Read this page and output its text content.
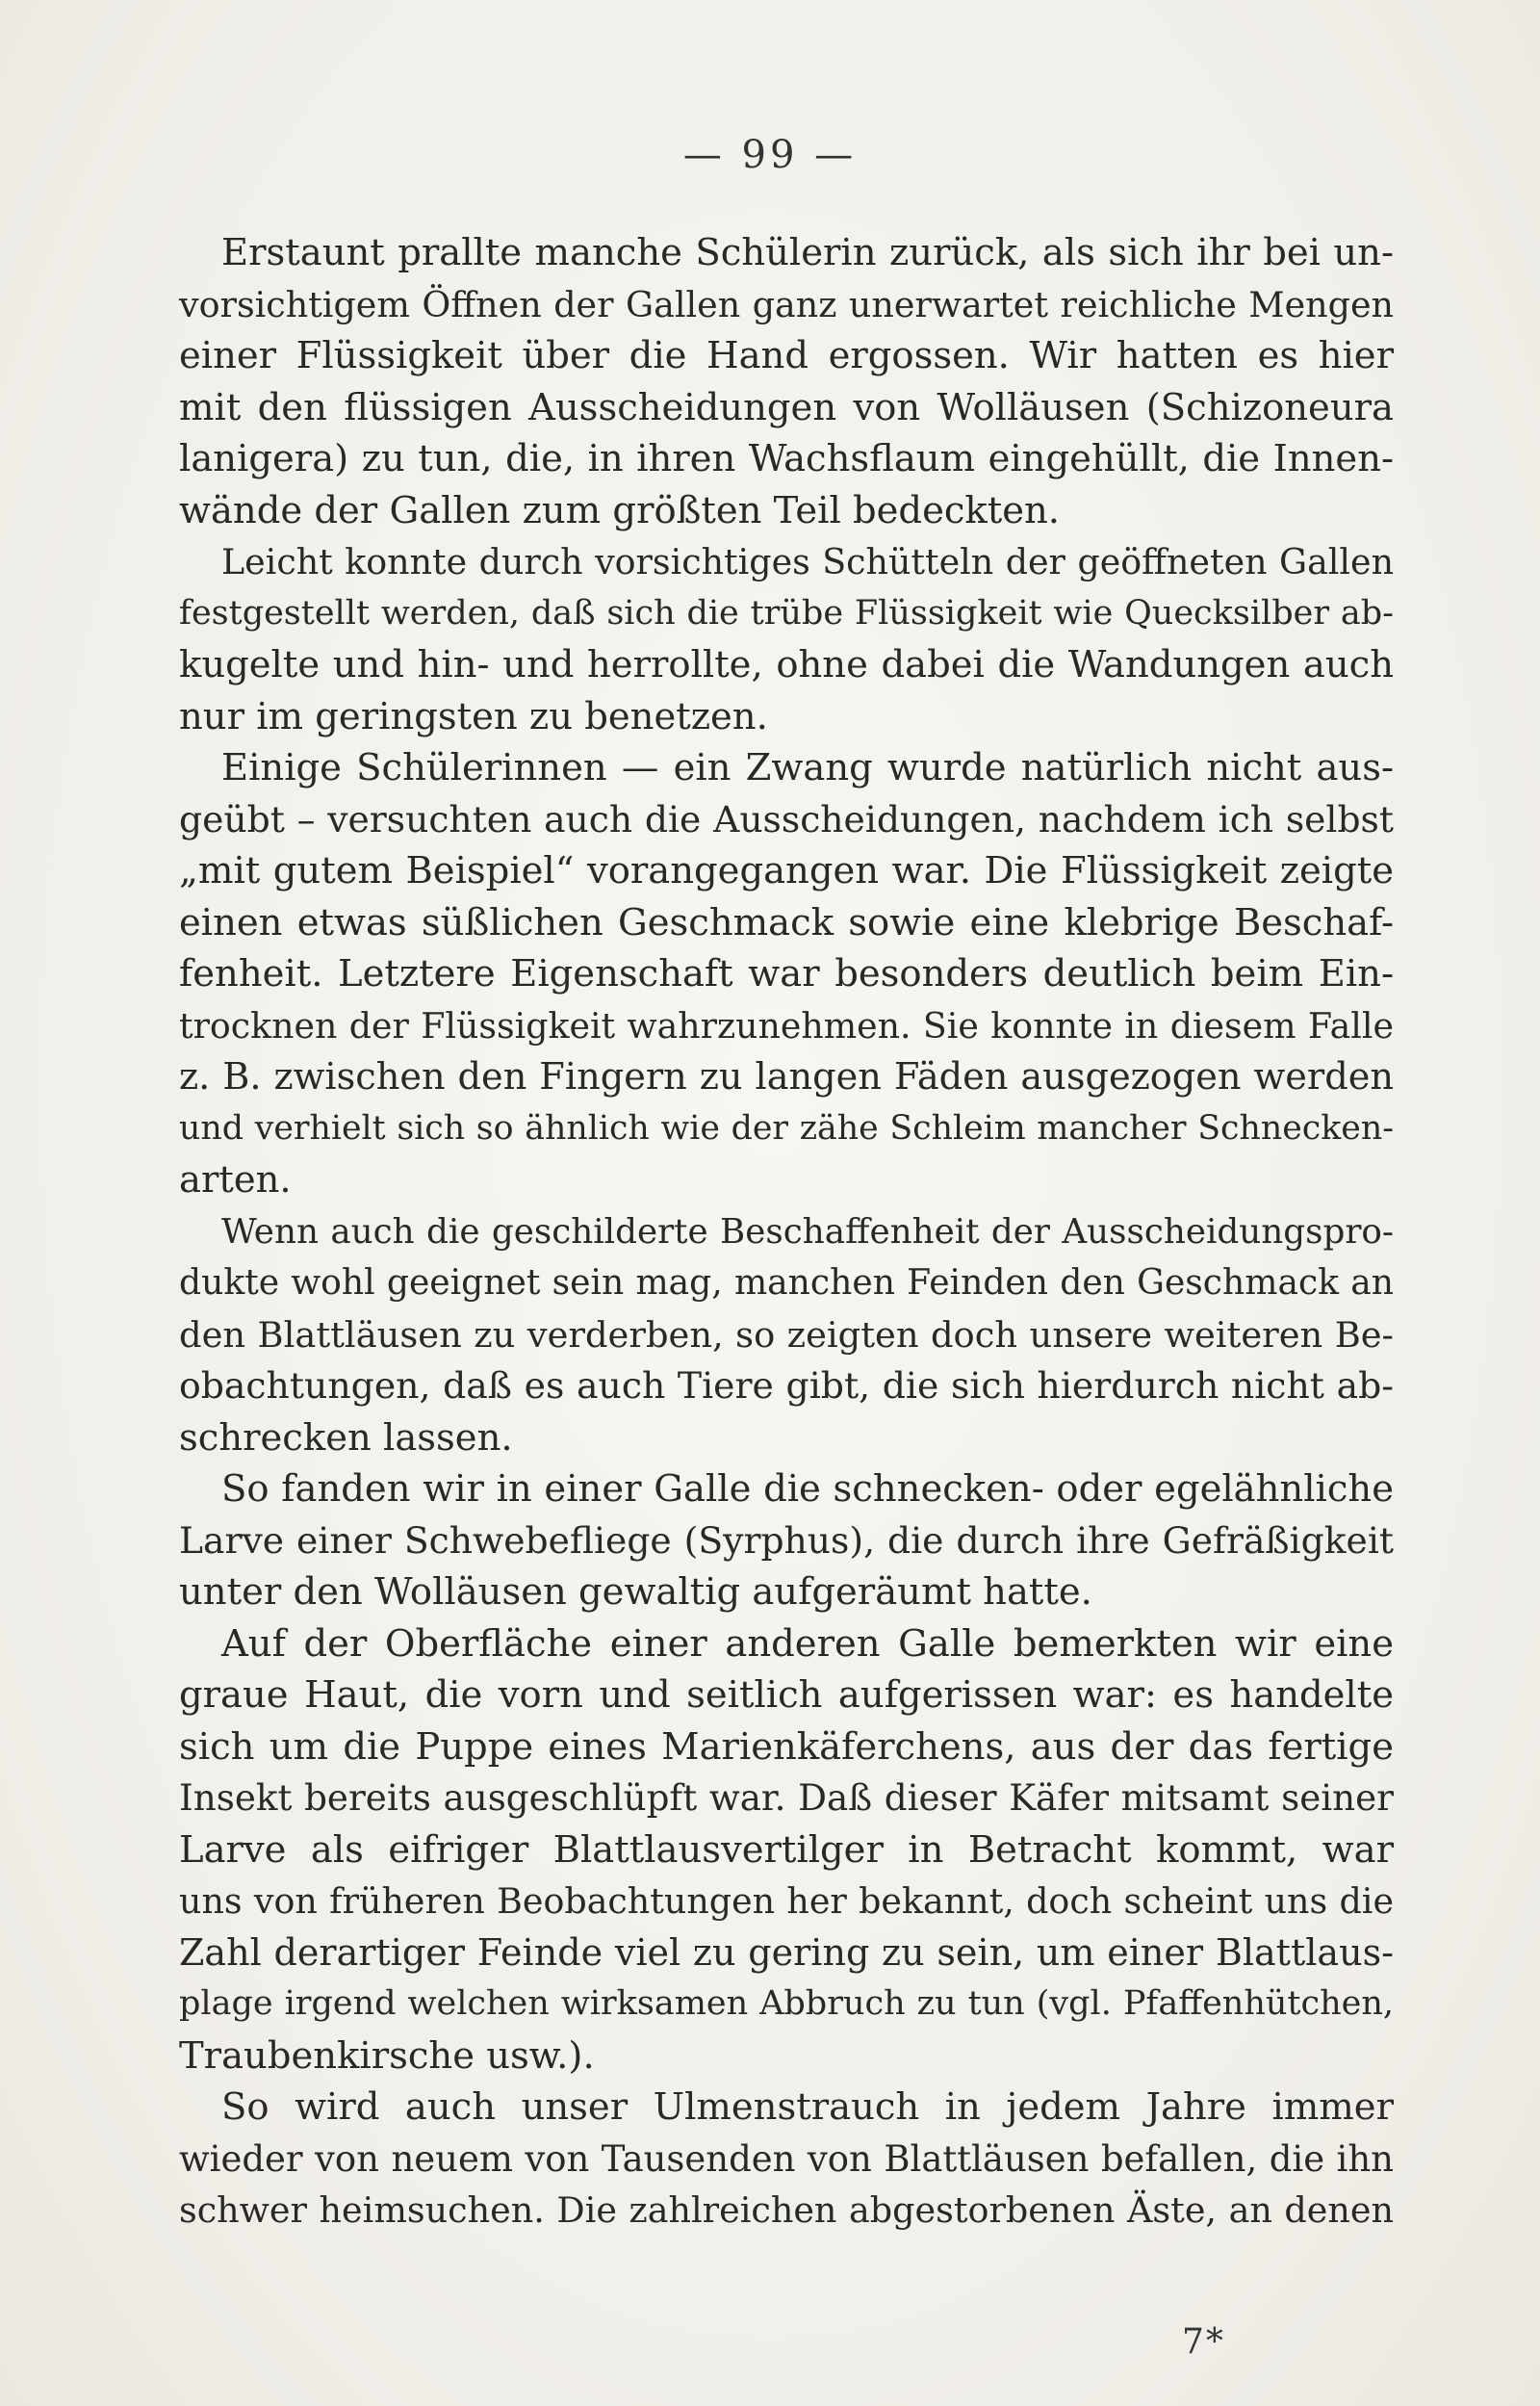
— 99 —
Erstaunt prallte manche Schülerin zurück, als sich ihr bei un-
vorsichtigem Öffnen der Gallen ganz unerwartet reichliche Mengen
einer Flüssigkeit über die Hand ergossen. Wir hatten es hier
mit den flüssigen Ausscheidungen von Wolläusen (Schizoneura
lanigera) zu tun, die, in ihren Wachsflaum eingehüllt, die Innen-
wände der Gallen zum größten Teil bedeckten.
Leicht konnte durch vorsichtiges Schütteln der geöffneten Gallen
festgestellt werden, daß sich die trübe Flüssigkeit wie Quecksilber ab-
kugelte und hin- und herrollte, ohne dabei die Wandungen auch
nur im geringsten zu benetzen.
Einige Schülerinnen — ein Zwang wurde natürlich nicht aus-
geübt – versuchten auch die Ausscheidungen, nachdem ich selbst
„mit gutem Beispiel“ vorangegangen war. Die Flüssigkeit zeigte
einen etwas süßlichen Geschmack sowie eine klebrige Beschaf-
fenheit. Letztere Eigenschaft war besonders deutlich beim Ein-
trocknen der Flüssigkeit wahrzunehmen. Sie konnte in diesem Falle
z. B. zwischen den Fingern zu langen Fäden ausgezogen werden
und verhielt sich so ähnlich wie der zähe Schleim mancher Schnecken-
arten.
Wenn auch die geschilderte Beschaffenheit der Ausscheidungspro-
dukte wohl geeignet sein mag, manchen Feinden den Geschmack an
den Blattläusen zu verderben, so zeigten doch unsere weiteren Be-
obachtungen, daß es auch Tiere gibt, die sich hierdurch nicht ab-
schrecken lassen.
So fanden wir in einer Galle die schnecken- oder egelähnliche
Larve einer Schwebefliege (Syrphus), die durch ihre Gefräßigkeit
unter den Wolläusen gewaltig aufgeräumt hatte.
Auf der Oberfläche einer anderen Galle bemerkten wir eine
graue Haut, die vorn und seitlich aufgerissen war: es handelte
sich um die Puppe eines Marienkäferchens, aus der das fertige
Insekt bereits ausgeschlüpft war. Daß dieser Käfer mitsamt seiner
Larve als eifriger Blattlausvertilger in Betracht kommt, war
uns von früheren Beobachtungen her bekannt, doch scheint uns die
Zahl derartiger Feinde viel zu gering zu sein, um einer Blattlaus-
plage irgend welchen wirksamen Abbruch zu tun (vgl. Pfaffenhütchen,
Traubenkirsche usw.).
So wird auch unser Ulmenstrauch in jedem Jahre immer
wieder von neuem von Tausenden von Blattläusen befallen, die ihn
schwer heimsuchen. Die zahlreichen abgestorbenen Äste, an denen
7*
